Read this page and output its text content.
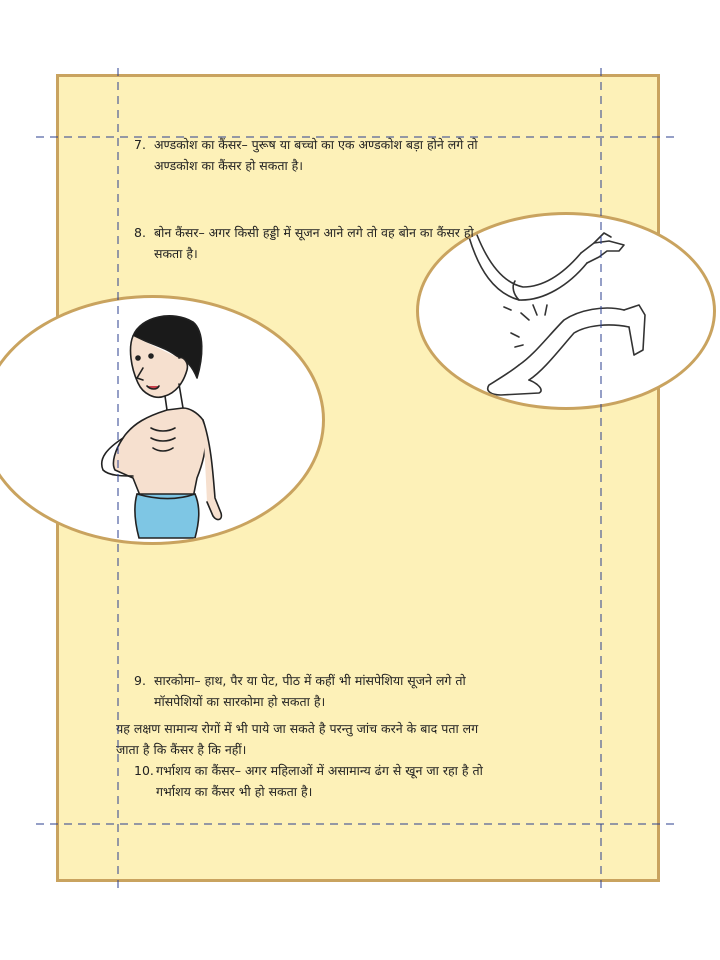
7. अण्डकोश का कैंसर– पुरूष या बच्चो का एक अण्डकोश बड़ा होने लगे तो
अण्डकोश का कैंसर हो सकता है।
8. बोन कैंसर– अगर किसी हड्डी में सूजन आने लगे तो वह बोन का कैंसर हो
सकता है।
9. सारकोमा– हाथ, पैर या पेट, पीठ में कहीं भी मांसपेशिया सूजने लगे तो
मॉसपेशियों का सारकोमा हो सकता है।
10. गर्भाशय का कैंसर– अगर महिलाओं में असामान्य ढंग से खून जा रहा है तो
गर्भाशय का कैंसर भी हो सकता है।
यह लक्षण सामान्य रोगों में भी पाये जा सकते है परन्तु जांच करने के बाद पता लग
जाता है कि कैंसर है कि नहीं।
